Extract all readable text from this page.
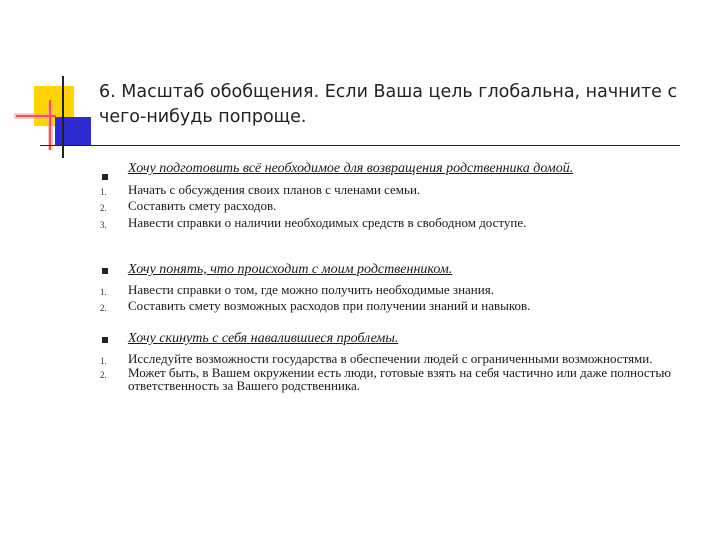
6. Масштаб обобщения. Если Ваша цель глобальна, начните с чего-нибудь попроще.
Хочу подготовить всё необходимое для возвращения родственника домой.
1.	Начать с обсуждения своих планов с членами семьи.
2.	Составить смету расходов.
3.	Навести справки о наличии необходимых средств в свободном доступе.
Хочу понять, что происходит с моим родственником.
1.	Навести справки о том, где можно получить необходимые знания.
2.	Составить смету возможных расходов при получении знаний и навыков.
Хочу скинуть с себя навалившиеся проблемы.
1.	Исследуйте возможности государства в обеспечении людей с ограниченными возможностями.
2.	Может быть, в Вашем окружении есть люди, готовые взять на себя частично или даже полностью ответственность за Вашего родственника.
